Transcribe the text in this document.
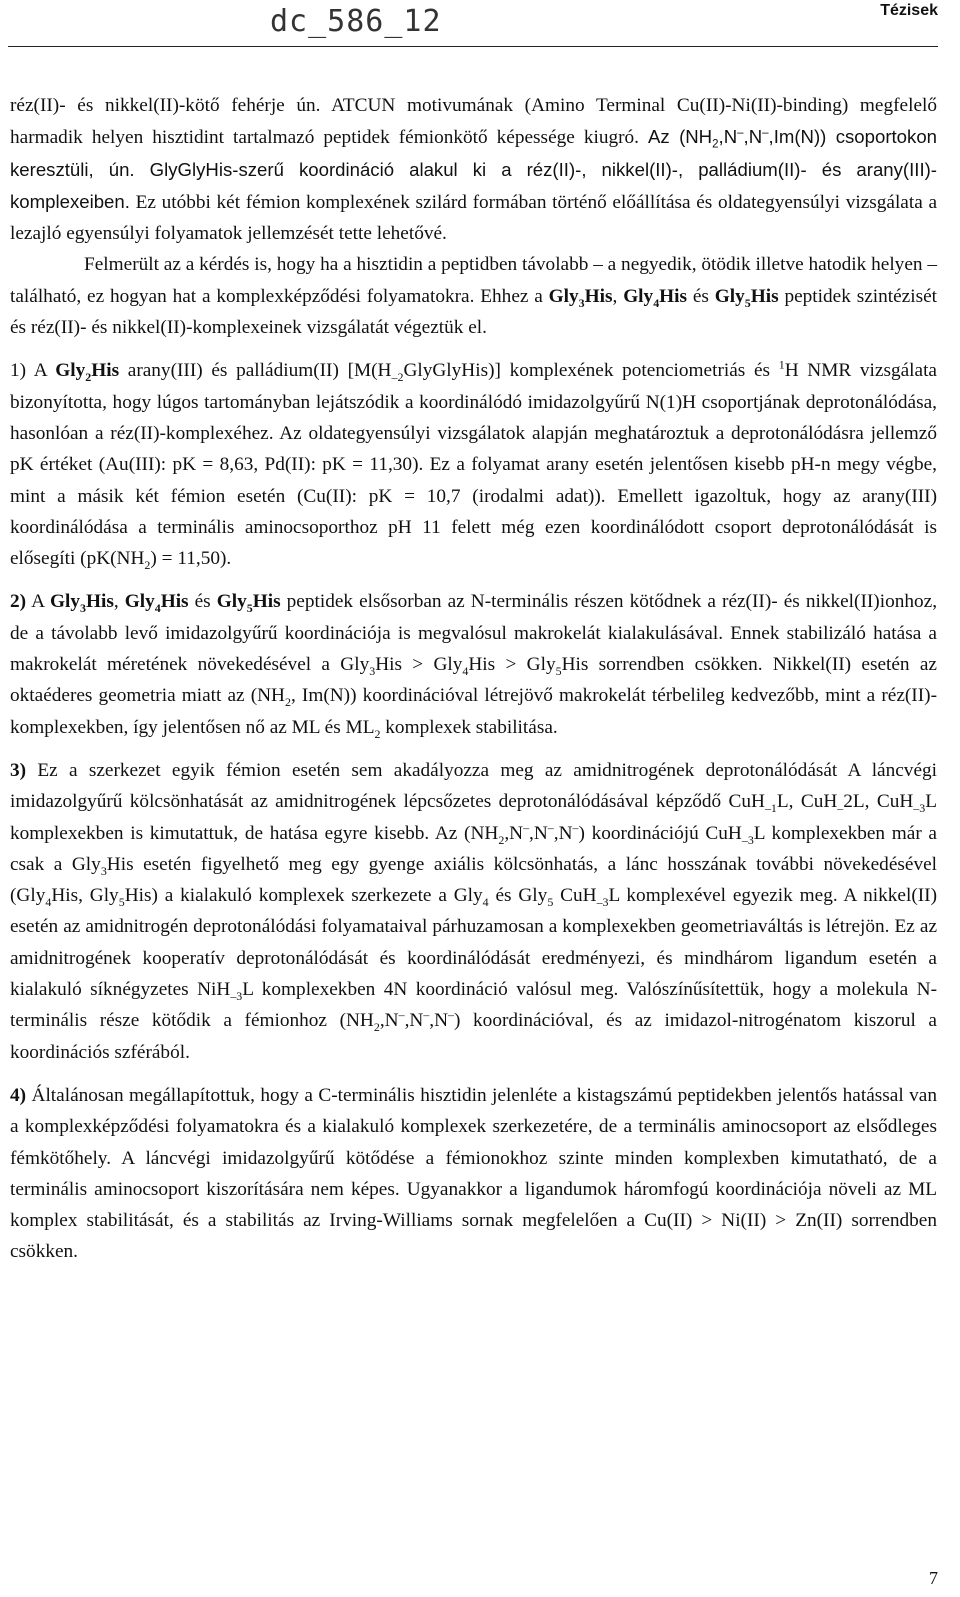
dc_586_12	Tézisek

réz(II)- és nikkel(II)-kötő fehérje ún. ATCUN motivumának (Amino Terminal Cu(II)-Ni(II)-binding) megfelelő harmadik helyen hisztidint tartalmazó peptidek fémionkötő képessége kiugró. Az $(NH_2,N^-,N^-,Im(N))$ csoportokon keresztüli, ún. GlyGlyHis-szerű koordináció alakul ki a réz(II)-, nikkel(II)-, palládium(II)- és arany(III)-komplexeiben. Ez utóbbi két fémion komplexének szilárd formában történő előállítása és oldategyensúlyi vizsgálata a lezajló egyensúlyi folyamatok jellemzését tette lehetővé.

Felmerült az a kérdés is, hogy ha a hisztidin a peptidben távolabb – a negyedik, ötödik illetve hatodik helyen – található, ez hogyan hat a komplexképződési folyamatokra. Ehhez a Gly$_3$His, Gly$_4$His és Gly$_5$His peptidek szintézisét és réz(II)- és nikkel(II)-komplexeinek vizsgálatát végeztük el.

1) A Gly$_2$His arany(III) és palládium(II) $[M(H_{-2}GlyGlyHis)]$ komplexének potenciometriás és $^1$H NMR vizsgálata bizonyította, hogy lúgos tartományban lejátszódik a koordinálódó imidazolgyűrű N(1)H csoportjának deprotonálódása, hasonlóan a réz(II)-komplexéhez. Az oldategyensúlyi vizsgálatok alapján meghatároztuk a deprotonálódásra jellemző pK értéket (Au(III): pK = 8,63, Pd(II): pK = 11,30). Ez a folyamat arany esetén jelentősen kisebb pH-n megy végbe, mint a másik két fémion esetén (Cu(II): pK = 10,7 (irodalmi adat)). Emellett igazoltuk, hogy az arany(III) koordinálódása a terminális aminocsoporthoz pH 11 felett még ezen koordinálódott csoport deprotonálódását is elősegíti $(pK(NH_2) = 11,50)$.

2) A Gly$_3$His, Gly$_4$His és Gly$_5$His peptidek elsősorban az N-terminális részen kötődnek a réz(II)- és nikkel(II)ionhoz, de a távolabb levő imidazolgyűrű koordinációja is megvalósul makrokelát kialakulásával. Ennek stabilizáló hatása a makrokelát méretének növekedésével a Gly$_3$His > Gly$_4$His > Gly$_5$His sorrendben csökken. Nikkel(II) esetén az oktaéderes geometria miatt az ($NH_2$, Im(N)) koordinációval létrejövő makrokelát térbelileg kedvezőbb, mint a réz(II)-komplexekben, így jelentősen nő az ML és $ML_2$ komplexek stabilitása.

3) Ez a szerkezet egyik fémion esetén sem akadályozza meg az amidnitrogének deprotonálódását A láncvégi imidazolgyűrű kölcsönhatását az amidnitrogének lépcsőzetes deprotonálódásával képződő CuH$_{-1}$L, CuH$_-$2L, CuH$_{-3}$L komplexekben is kimutattuk, de hatása egyre kisebb. Az $(NH_2,N^-,N^-,N^-)$ koordinációjú CuH$_{-3}$L komplexekben már a csak a Gly$_3$His esetén figyelhető meg egy gyenge axiális kölcsönhatás, a lánc hosszának további növekedésével (Gly$_4$His, Gly$_5$His) a kialakuló komplexek szerkezete a Gly$_4$ és Gly$_5$ CuH$_{-3}$L komplexével egyezik meg. A nikkel(II) esetén az amidnitrogén deprotonálódási folyamataival párhuzamosan a komplexekben geometriaváltás is létrejön. Ez az amidnitrogének kooperatív deprotonálódását és koordinálódását eredményezi, és mindhárom ligandum esetén a kialakuló síknégyzetes NiH$_{-3}$L komplexekben 4N koordináció valósul meg. Valószínűsítettük, hogy a molekula N-terminális része kötődik a fémionhoz $(NH_2,N^-,N^-,N^-)$ koordinációval, és az imidazol-nitrogénatom kiszorul a koordinációs szférából.

4) Általánosan megállapítottuk, hogy a C-terminális hisztidin jelenléte a kistagszámú peptidekben jelentős hatással van a komplexképződési folyamatokra és a kialakuló komplexek szerkezetére, de a terminális aminocsoport az elsődleges fémkötőhely. A láncvégi imidazolgyűrű kötődése a fémionokhoz szinte minden komplexben kimutatható, de a terminális aminocsoport kiszorítására nem képes. Ugyanakkor a ligandumok háromfogú koordinációja növeli az ML komplex stabilitását, és a stabilitás az Irving-Williams sornak megfelelően a Cu(II) > Ni(II) > Zn(II) sorrendben csökken.

7
